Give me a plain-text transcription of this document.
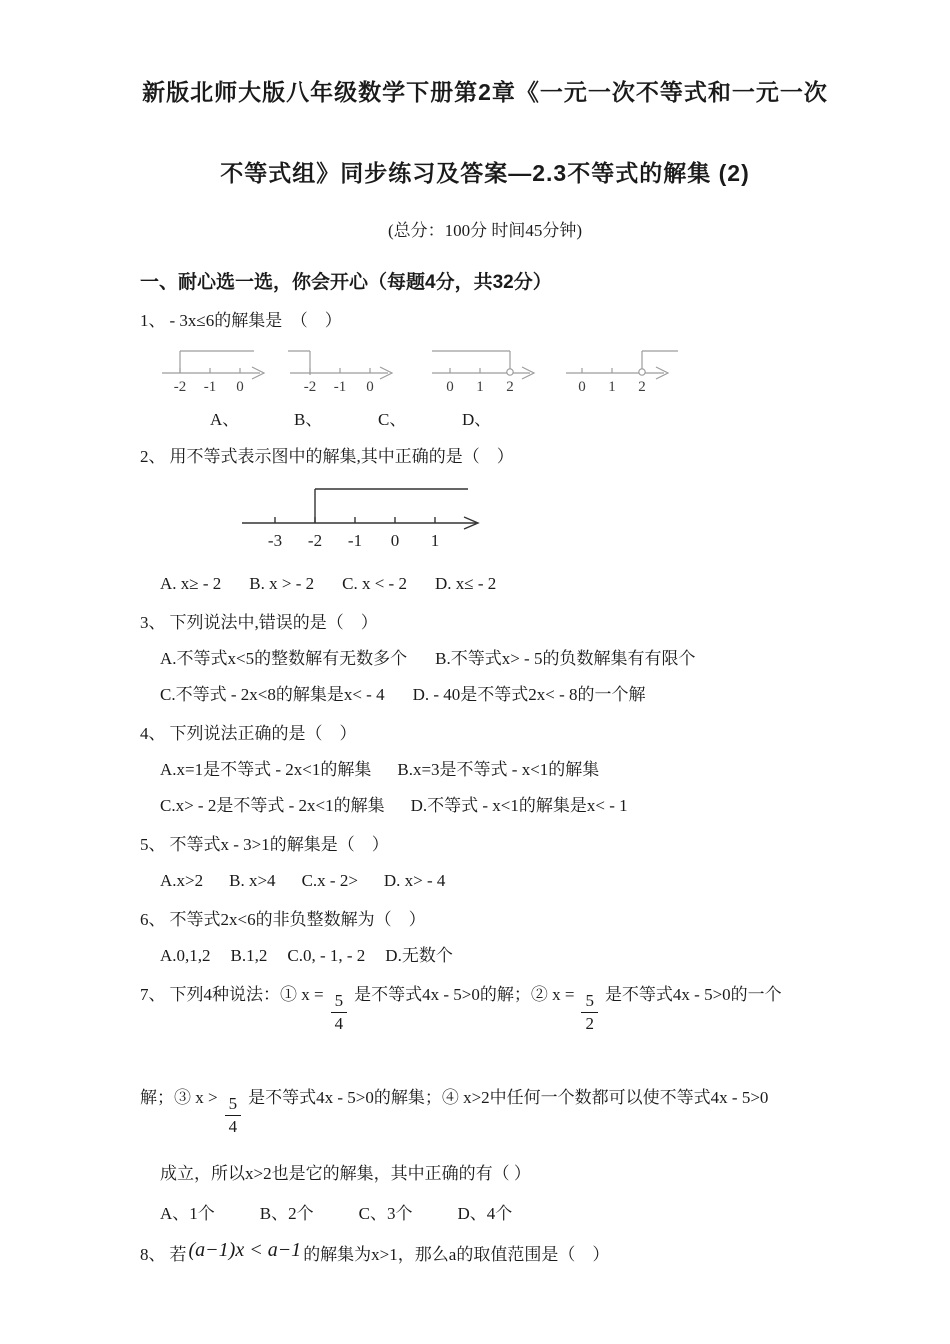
新版北师大版八年级数学下册第2章《一元一次不等式和一元一次
不等式组》同步练习及答案—2.3不等式的解集 (2)
(总分：100分 时间45分钟)
一、耐心选一选，你会开心（每题4分，共32分）

1、 - 3x≤6的解集是　（　）

-2 -1 0	-2 -1 0	0 1 2	0 1 2
A、	B、	C、	D、

2、 用不等式表示图中的解集,其中正确的是（　）

-3 -2 -1 0 1

A. x≥ - 2 B. x > - 2 C. x < - 2 D. x≤ - 2

3、 下列说法中,错误的是（　）

A.不等式x<5的整数解有无数多个 B.不等式x> - 5的负数解集有有限个

C.不等式 - 2x<8的解集是x< - 4 D. - 40是不等式2x< - 8的一个解

4、 下列说法正确的是（　）

A.x=1是不等式 - 2x<1的解集 B.x=3是不等式 - x<1的解集

C.x> - 2是不等式 - 2x<1的解集 D.不等式 - x<1的解集是x< - 1

5、 不等式x - 3>1的解集是（　）

A.x>2 B. x>4 C.x - 2> D. x> - 4

6、 不等式2x<6的非负整数解为（　）

A.0,1,2 B.1,2 C.0, - 1, - 2 D.无数个

7、 下列4种说法：① $x = \frac{5}{4}$ 是不等式4x - 5>0的解；② $x = \frac{5}{2}$ 是不等式4x - 5>0的一个

解；③ $x > \frac{5}{4}$ 是不等式4x - 5>0的解集；④ x>2中任何一个数都可以使不等式4x - 5>0

成立，所以x>2也是它的解集，其中正确的有（ ）

A、1个	B、2个	C、3个	D、4个

8、 若 (a−1)x < a−1 的解集为x>1，那么a的取值范围是（　）
